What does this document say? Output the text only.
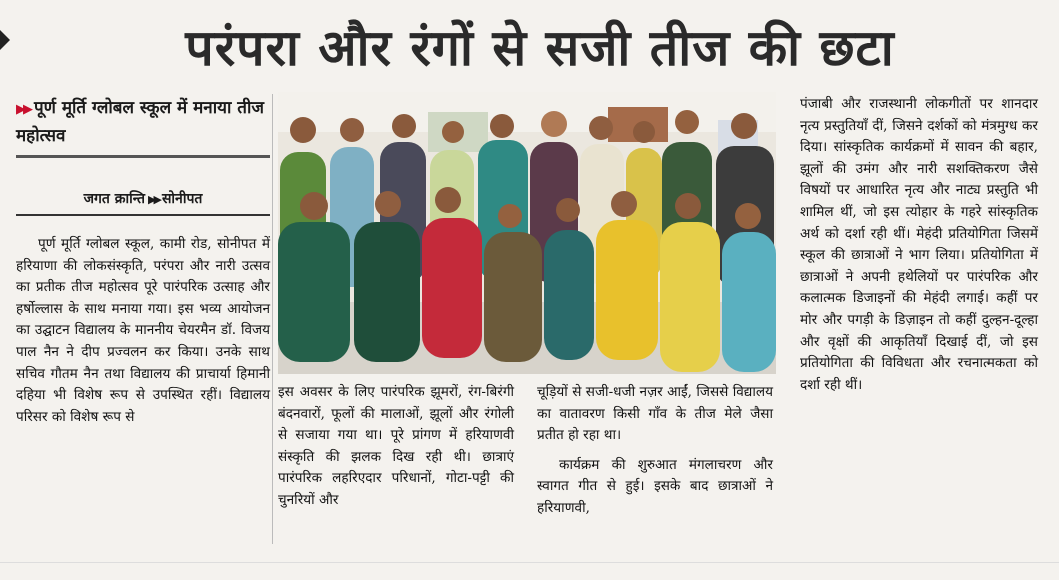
परंपरा और रंगों से सजी तीज की छटा
▶▶ पूर्ण मूर्ति ग्लोबल स्कूल में मनाया तीज महोत्सव
जगत क्रान्ति ▶▶ सोनीपत

पूर्ण मूर्ति ग्लोबल स्कूल, कामी रोड, सोनीपत में हरियाणा की लोकसंस्कृति, परंपरा और नारी उत्सव का प्रतीक तीज महोत्सव पूरे पारंपरिक उत्साह और हर्षोल्लास के साथ मनाया गया। इस भव्य आयोजन का उद्घाटन विद्यालय के माननीय चेयरमैन डॉ. विजय पाल नैन ने दीप प्रज्वलन कर किया। उनके साथ सचिव गौतम नैन तथा विद्यालय की प्राचार्या हिमानी दहिया भी विशेष रूप से उपस्थित रहीं। विद्यालय परिसर को विशेष रूप से

इस अवसर के लिए पारंपरिक झूमरों, रंग-बिरंगी बंदनवारों, फूलों की मालाओं, झूलों और रंगोली से सजाया गया था। पूरे प्रांगण में हरियाणवी संस्कृति की झलक दिख रही थी। छात्राएं पारंपरिक लहरिएदार परिधानों, गोटा-पट्टी की चुनरियों और

चूड़ियों से सजी-धजी नज़र आईं, जिससे विद्यालय का वातावरण किसी गाँव के तीज मेले जैसा प्रतीत हो रहा था।

कार्यक्रम की शुरुआत मंगलाचरण और स्वागत गीत से हुई। इसके बाद छात्राओं ने हरियाणवी,

पंजाबी और राजस्थानी लोकगीतों पर शानदार नृत्य प्रस्तुतियाँ दीं, जिसने दर्शकों को मंत्रमुग्ध कर दिया। सांस्कृतिक कार्यक्रमों में सावन की बहार, झूलों की उमंग और नारी सशक्तिकरण जैसे विषयों पर आधारित नृत्य और नाट्य प्रस्तुति भी शामिल थीं, जो इस त्योहार के गहरे सांस्कृतिक अर्थ को दर्शा रही थीं। मेहंदी प्रतियोगिता जिसमें स्कूल की छात्राओं ने भाग लिया। प्रतियोगिता में छात्राओं ने अपनी हथेलियों पर पारंपरिक और कलात्मक डिजाइनों की मेहंदी लगाई। कहीं पर मोर और पगड़ी के डिज़ाइन तो कहीं दुल्हन-दूल्हा और वृक्षों की आकृतियाँ दिखाई दीं, जो इस प्रतियोगिता की विविधता और रचनात्मकता को दर्शा रही थीं।
